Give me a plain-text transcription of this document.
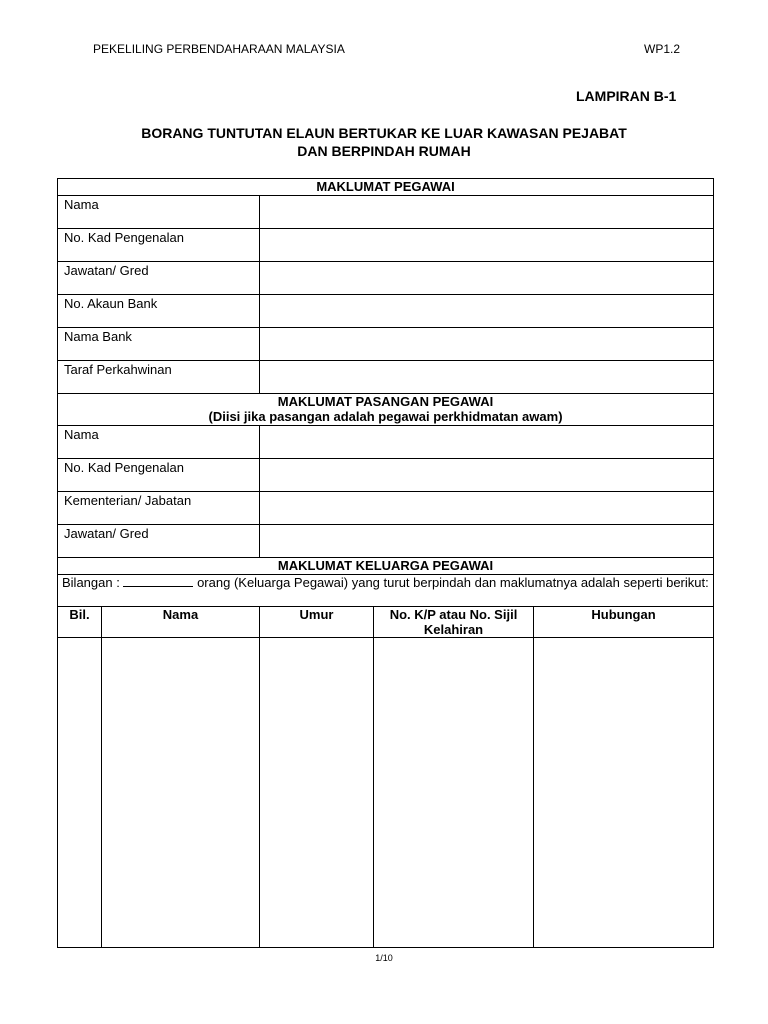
PEKELILING PERBENDAHARAAN MALAYSIA	WP1.2
LAMPIRAN B-1
BORANG TUNTUTAN ELAUN BERTUKAR KE LUAR KAWASAN PEJABAT
DAN BERPINDAH RUMAH
MAKLUMAT PEGAWAI				
Nama				
No. Kad Pengenalan				
Jawatan/ Gred				
No. Akaun Bank				
Nama Bank				
Taraf Perkahwinan				

MAKLUMAT PASANGAN PEGAWAI
(Diisi jika pasangan adalah pegawai perkhidmatan awam)				

Nama				
No. Kad Pengenalan				
Kementerian/ Jabatan				
Jawatan/ Gred				
MAKLUMAT KELUARGA PEGAWAI				
Bilangan : orang (Keluarga Pegawai) yang turut berpindah dan maklumatnya adalah seperti berikut:				
Bil.	Nama	Umur	No. K/P atau No. Sijil Kelahiran	Hubungan

1/10
